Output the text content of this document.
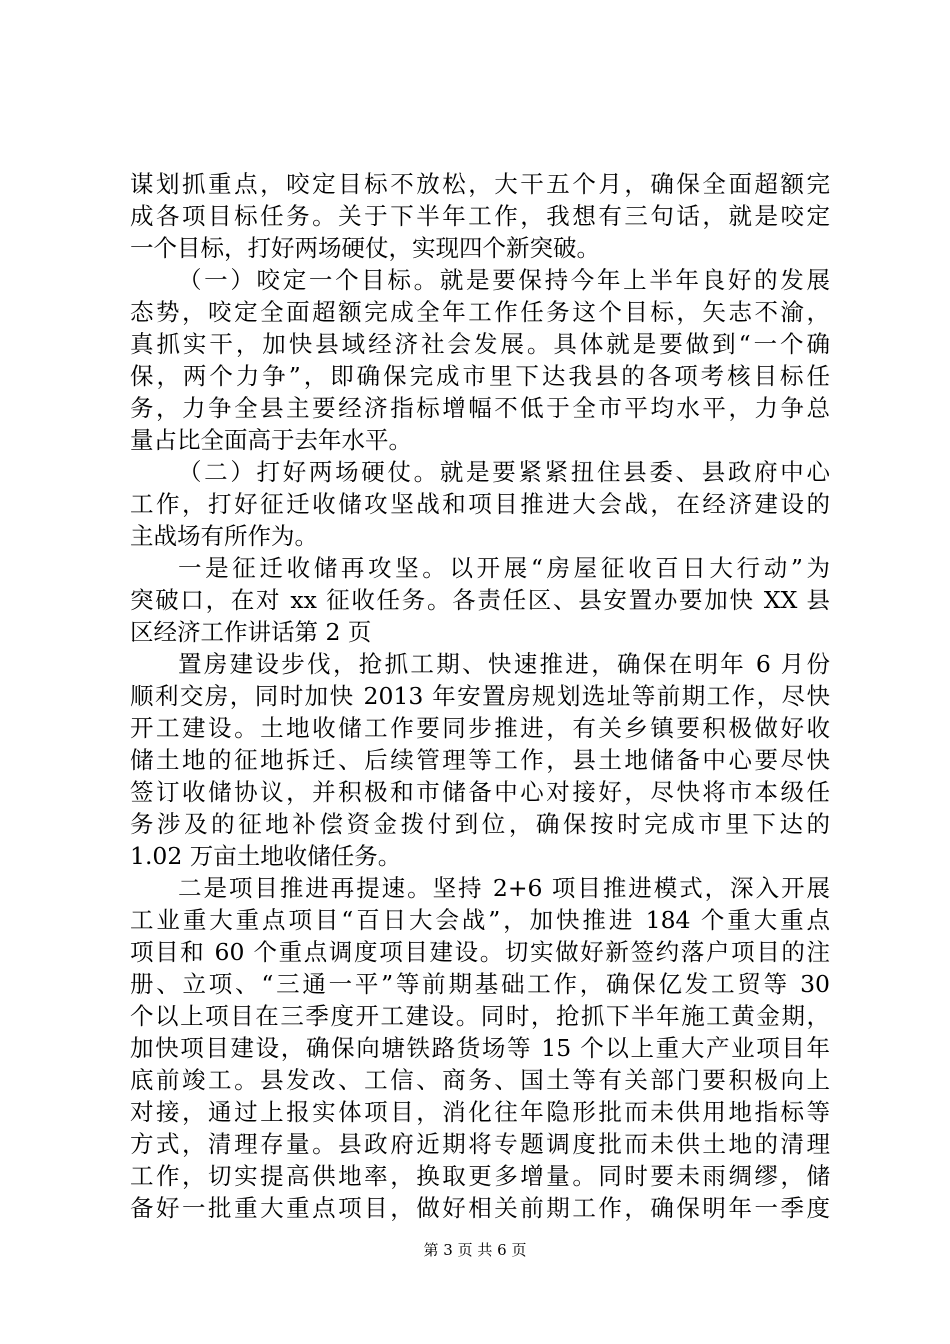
谋划抓重点，咬定目标不放松，大干五个月，确保全面超额完
成各项目标任务。关于下半年工作，我想有三句话，就是咬定
一个目标，打好两场硬仗，实现四个新突破。
（一）咬定一个目标。就是要保持今年上半年良好的发展
态势，咬定全面超额完成全年工作任务这个目标，矢志不渝，
真抓实干，加快县域经济社会发展。具体就是要做到“一个确
保，两个力争”，即确保完成市里下达我县的各项考核目标任
务，力争全县主要经济指标增幅不低于全市平均水平，力争总
量占比全面高于去年水平。
（二）打好两场硬仗。就是要紧紧扭住县委、县政府中心
工作，打好征迁收储攻坚战和项目推进大会战，在经济建设的
主战场有所作为。
一是征迁收储再攻坚。以开展“房屋征收百日大行动”为
突破口，在对 xx 征收任务。各责任区、县安置办要加快 XX 县
区经济工作讲话第 2 页
置房建设步伐，抢抓工期、快速推进，确保在明年 6 月份
顺利交房，同时加快 2013 年安置房规划选址等前期工作，尽快
开工建设。土地收储工作要同步推进，有关乡镇要积极做好收
储土地的征地拆迁、后续管理等工作，县土地储备中心要尽快
签订收储协议，并积极和市储备中心对接好，尽快将市本级任
务涉及的征地补偿资金拨付到位，确保按时完成市里下达的
1.02 万亩土地收储任务。
二是项目推进再提速。坚持 2+6 项目推进模式，深入开展
工业重大重点项目“百日大会战”，加快推进 184 个重大重点
项目和 60 个重点调度项目建设。切实做好新签约落户项目的注
册、立项、“三通一平”等前期基础工作，确保亿发工贸等 30
个以上项目在三季度开工建设。同时，抢抓下半年施工黄金期，
加快项目建设，确保向塘铁路货场等 15 个以上重大产业项目年
底前竣工。县发改、工信、商务、国土等有关部门要积极向上
对接，通过上报实体项目，消化往年隐形批而未供用地指标等
方式，清理存量。县政府近期将专题调度批而未供土地的清理
工作，切实提高供地率，换取更多增量。同时要未雨绸缪，储
备好一批重大重点项目，做好相关前期工作，确保明年一季度
第 3 页 共 6 页
